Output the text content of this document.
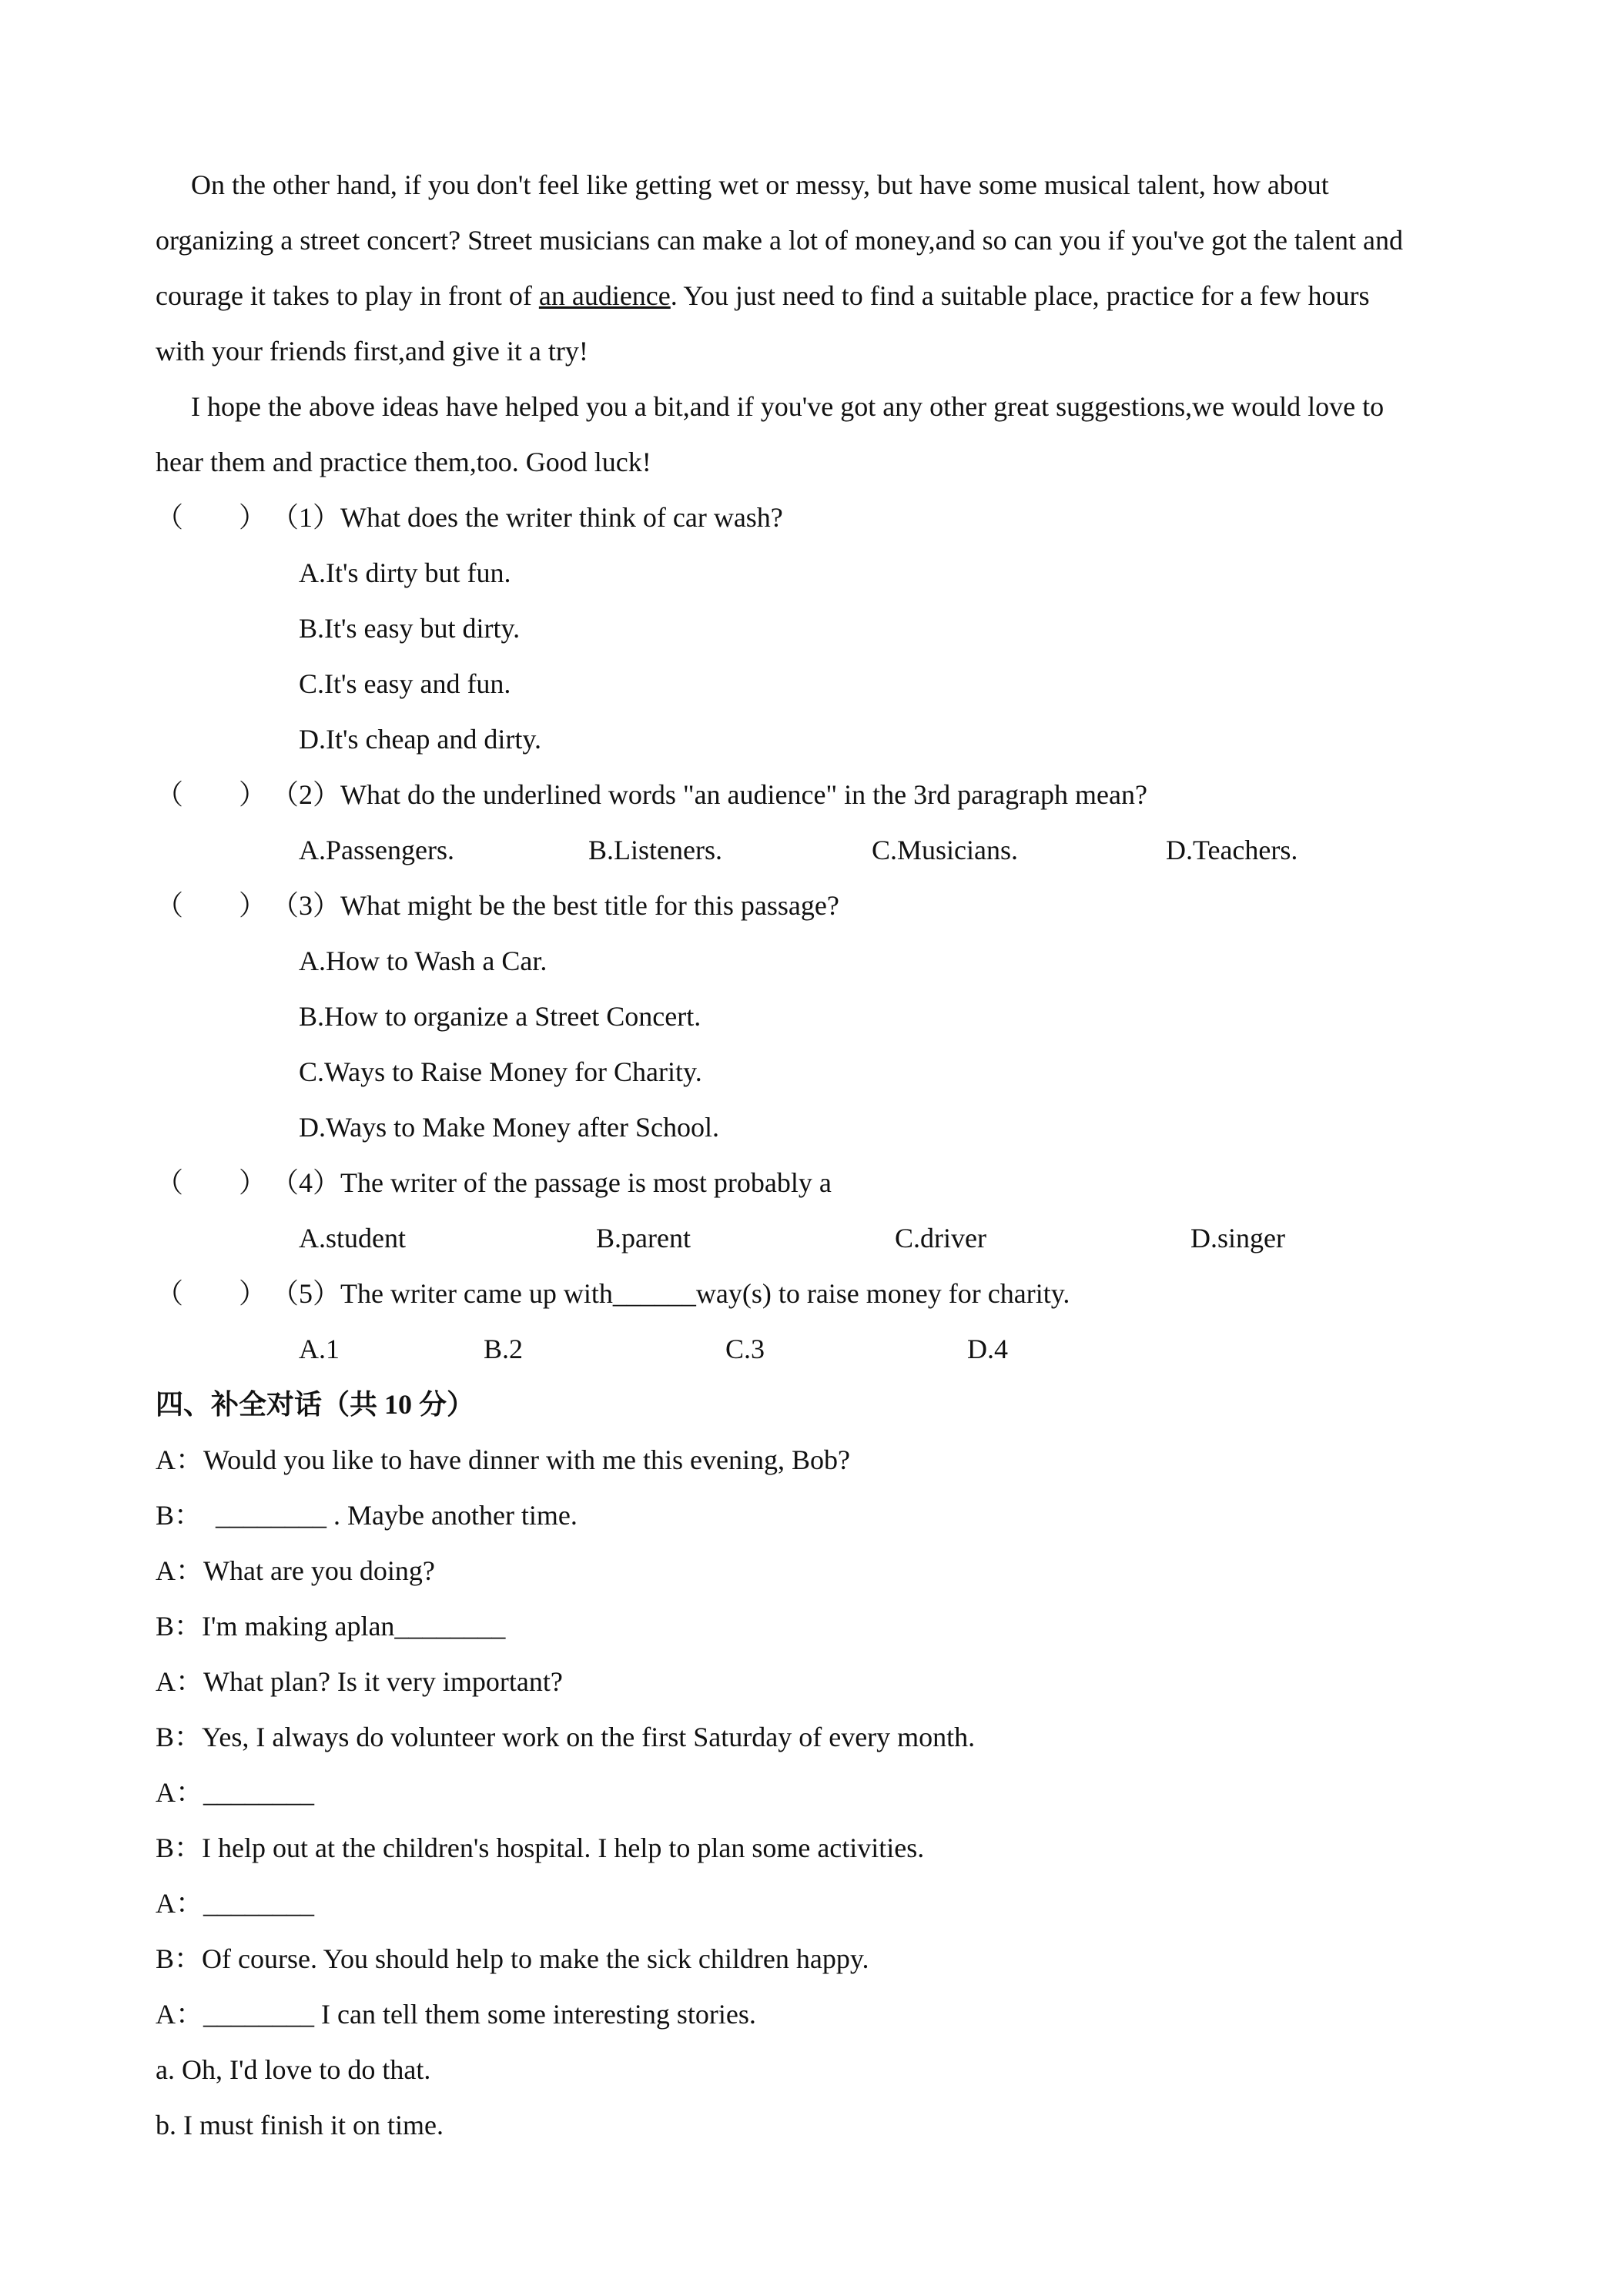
On the other hand, if you don't feel like getting wet or messy, but have some musical talent, how about
organizing a street concert? Street musicians can make a lot of money,and so can you if you've got the talent and
courage it takes to play in front of an audience. You just need to find a suitable place, practice for a few hours
with your friends first,and give it a try!
I hope the above ideas have helped you a bit,and if you've got any other great suggestions,we would love to
hear them and practice them,too. Good luck!
（　　） （1）What does the writer think of car wash?
A.It's dirty but fun.
B.It's easy but dirty.
C.It's easy and fun.
D.It's cheap and dirty.
（　　） （2）What do the underlined words "an audience" in the 3rd paragraph mean?
A.Passengers.	B.Listeners.	C.Musicians.	D.Teachers.
（　　） （3）What might be the best title for this passage?
A.How to Wash a Car.
B.How to organize a Street Concert.
C.Ways to Raise Money for Charity.
D.Ways to Make Money after School.
（　　） （4）The writer of the passage is most probably a
A.student	B.parent	C.driver	D.singer
（　　） （5）The writer came up with______way(s) to raise money for charity.
A.1	B.2	C.3	D.4
四、补全对话（共 10 分）
A：Would you like to have dinner with me this evening, Bob?
B：  ________ . Maybe another time.
A：What are you doing?
B：I'm making aplan________
A：What plan? Is it very important?
B：Yes, I always do volunteer work on the first Saturday of every month.
A：________
B：I help out at the children's hospital. I help to plan some activities.
A：________
B：Of course. You should help to make the sick children happy.
A：________ I can tell them some interesting stories.
a. Oh, I'd love to do that.
b. I must finish it on time.
